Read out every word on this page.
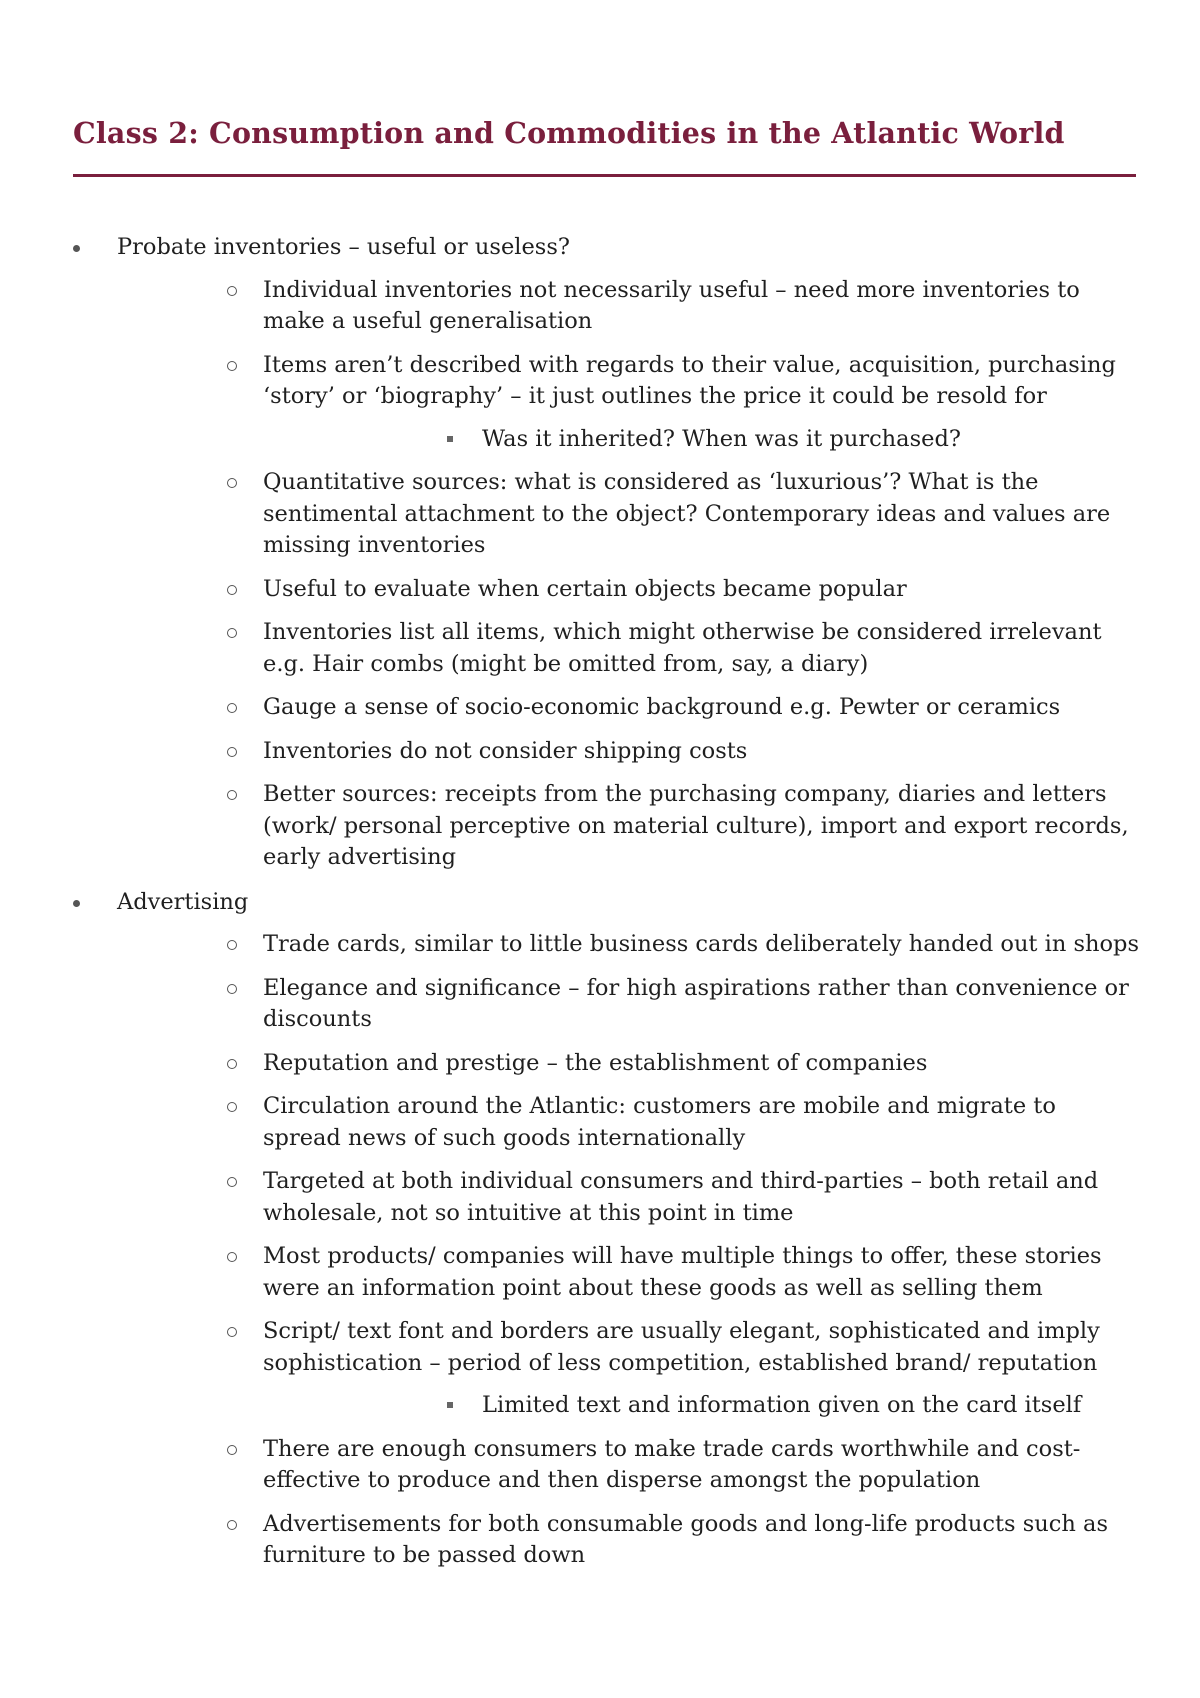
Class 2: Consumption and Commodities in the Atlantic World
Probate inventories – useful or useless?
Individual inventories not necessarily useful – need more inventories to make a useful generalisation
Items aren’t described with regards to their value, acquisition, purchasing ‘story’ or ‘biography’ – it just outlines the price it could be resold for
Was it inherited? When was it purchased?
Quantitative sources: what is considered as ‘luxurious’? What is the sentimental attachment to the object? Contemporary ideas and values are missing inventories
Useful to evaluate when certain objects became popular
Inventories list all items, which might otherwise be considered irrelevant e.g. Hair combs (might be omitted from, say, a diary)
Gauge a sense of socio-economic background e.g. Pewter or ceramics
Inventories do not consider shipping costs
Better sources: receipts from the purchasing company, diaries and letters (work/ personal perceptive on material culture), import and export records, early advertising
Advertising
Trade cards, similar to little business cards deliberately handed out in shops
Elegance and significance – for high aspirations rather than convenience or discounts
Reputation and prestige – the establishment of companies
Circulation around the Atlantic: customers are mobile and migrate to spread news of such goods internationally
Targeted at both individual consumers and third-parties – both retail and wholesale, not so intuitive at this point in time
Most products/ companies will have multiple things to offer, these stories were an information point about these goods as well as selling them
Script/ text font and borders are usually elegant, sophisticated and imply sophistication – period of less competition, established brand/ reputation
Limited text and information given on the card itself
There are enough consumers to make trade cards worthwhile and cost-effective to produce and then disperse amongst the population
Advertisements for both consumable goods and long-life products such as furniture to be passed down
